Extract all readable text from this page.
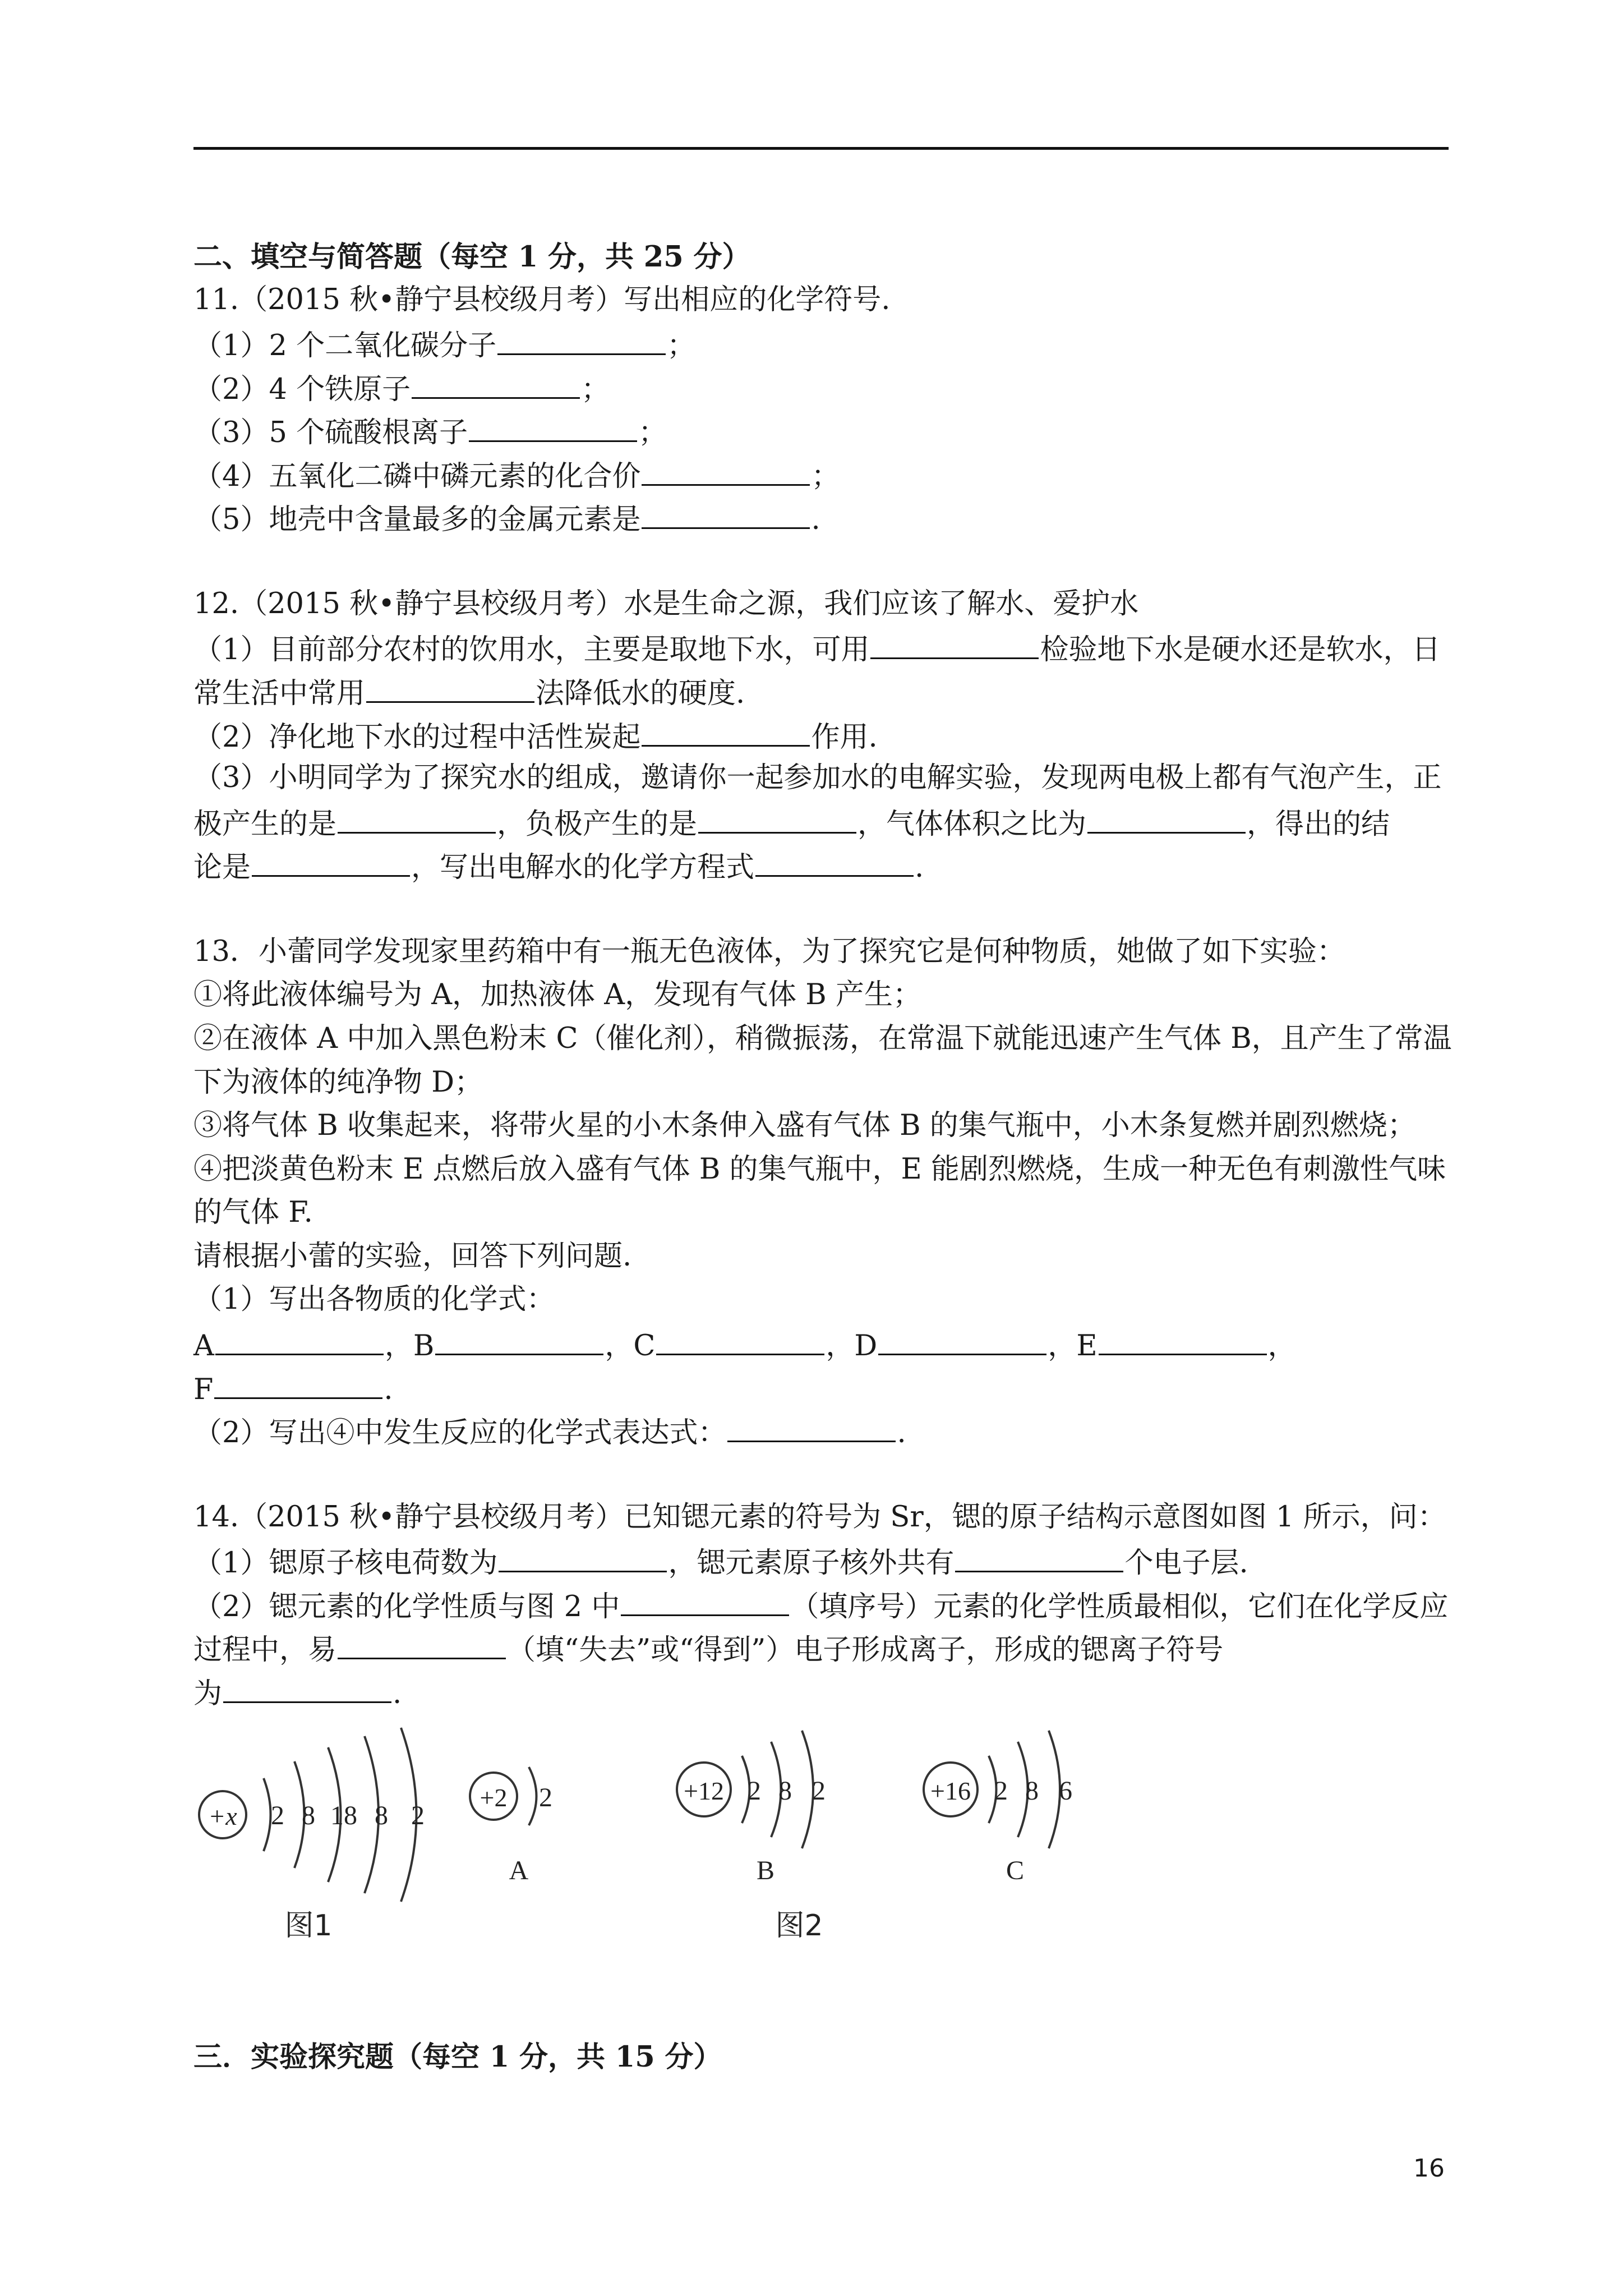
二、填空与简答题（每空 1 分，共 25 分）
11.（2015 秋•静宁县校级月考）写出相应的化学符号.
（1）2 个二氧化碳分子	；
（2）4 个铁原子	；
（3）5 个硫酸根离子	；
（4）五氧化二磷中磷元素的化合价	；
（5）地壳中含量最多的金属元素是	.
12.（2015 秋•静宁县校级月考）水是生命之源，我们应该了解水、爱护水
（1）目前部分农村的饮用水，主要是取地下水，可用	检验地下水是硬水还是软水，日
常生活中常用	法降低水的硬度.
（2）净化地下水的过程中活性炭起	作用.
（3）小明同学为了探究水的组成，邀请你一起参加水的电解实验，发现两电极上都有气泡产生，正
极产生的是	，负极产生的是	，气体体积之比为	，得出的结
论是	，写出电解水的化学方程式	.
13．小蕾同学发现家里药箱中有一瓶无色液体，为了探究它是何种物质，她做了如下实验：
①将此液体编号为 A，加热液体 A，发现有气体 B 产生；
②在液体 A 中加入黑色粉末 C（催化剂），稍微振荡，在常温下就能迅速产生气体 B，且产生了常温
下为液体的纯净物 D；
③将气体 B 收集起来，将带火星的小木条伸入盛有气体 B 的集气瓶中，小木条复燃并剧烈燃烧；
④把淡黄色粉末 E 点燃后放入盛有气体 B 的集气瓶中，E 能剧烈燃烧，生成一种无色有刺激性气味
的气体 F.
请根据小蕾的实验，回答下列问题.
（1）写出各物质的化学式：
A	，B	，C	，D	，E	，
F	.
（2）写出④中发生反应的化学式表达式：	.
14.（2015 秋•静宁县校级月考）已知锶元素的符号为 Sr，锶的原子结构示意图如图 1 所示，问：
（1）锶原子核电荷数为	，锶元素原子核外共有	个电子层.
（2）锶元素的化学性质与图 2 中	（填序号）元素的化学性质最相似，它们在化学反应
过程中，易	（填“失去”或“得到”）电子形成离子，形成的锶离子符号
为	.
+x 2 8 18 8 2
图1
+2 2
A
+12 2 8 2
B
图2
+16 2 8 6
C
三．实验探究题（每空 1 分，共 15 分）
16
